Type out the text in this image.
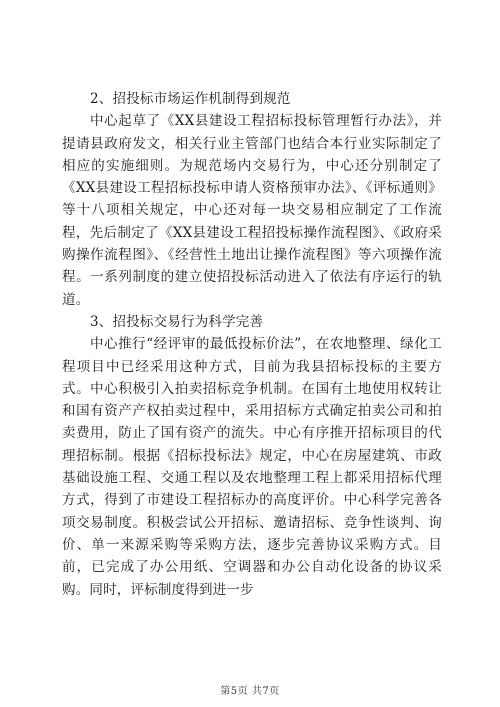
2、招投标市场运作机制得到规范

中心起草了《XX县建设工程招标投标管理暂行办法》，并提请县政府发文，相关行业主管部门也结合本行业实际制定了相应的实施细则。为规范场内交易行为，中心还分别制定了《XX县建设工程招标投标申请人资格预审办法》、《评标通则》等十八项相关规定，中心还对每一块交易相应制定了工作流程，先后制定了《XX县建设工程招投标操作流程图》、《政府采购操作流程图》、《经营性土地出让操作流程图》等六项操作流程。一系列制度的建立使招投标活动进入了依法有序运行的轨道。

3、招投标交易行为科学完善

中心推行“经评审的最低投标价法”，在农地整理、绿化工程项目中已经采用这种方式，目前为我县招标投标的主要方式。中心积极引入拍卖招标竞争机制。在国有土地使用权转让和国有资产产权拍卖过程中，采用招标方式确定拍卖公司和拍卖费用，防止了国有资产的流失。中心有序推开招标项目的代理招标制。根据《招标投标法》规定，中心在房屋建筑、市政基础设施工程、交通工程以及农地整理工程上都采用招标代理方式，得到了市建设工程招标办的高度评价。中心科学完善各项交易制度。积极尝试公开招标、邀请招标、竞争性谈判、询价、单一来源采购等采购方法，逐步完善协议采购方式。目前，已完成了办公用纸、空调器和办公自动化设备的协议采购。同时，评标制度得到进一步

第5页 共7页
